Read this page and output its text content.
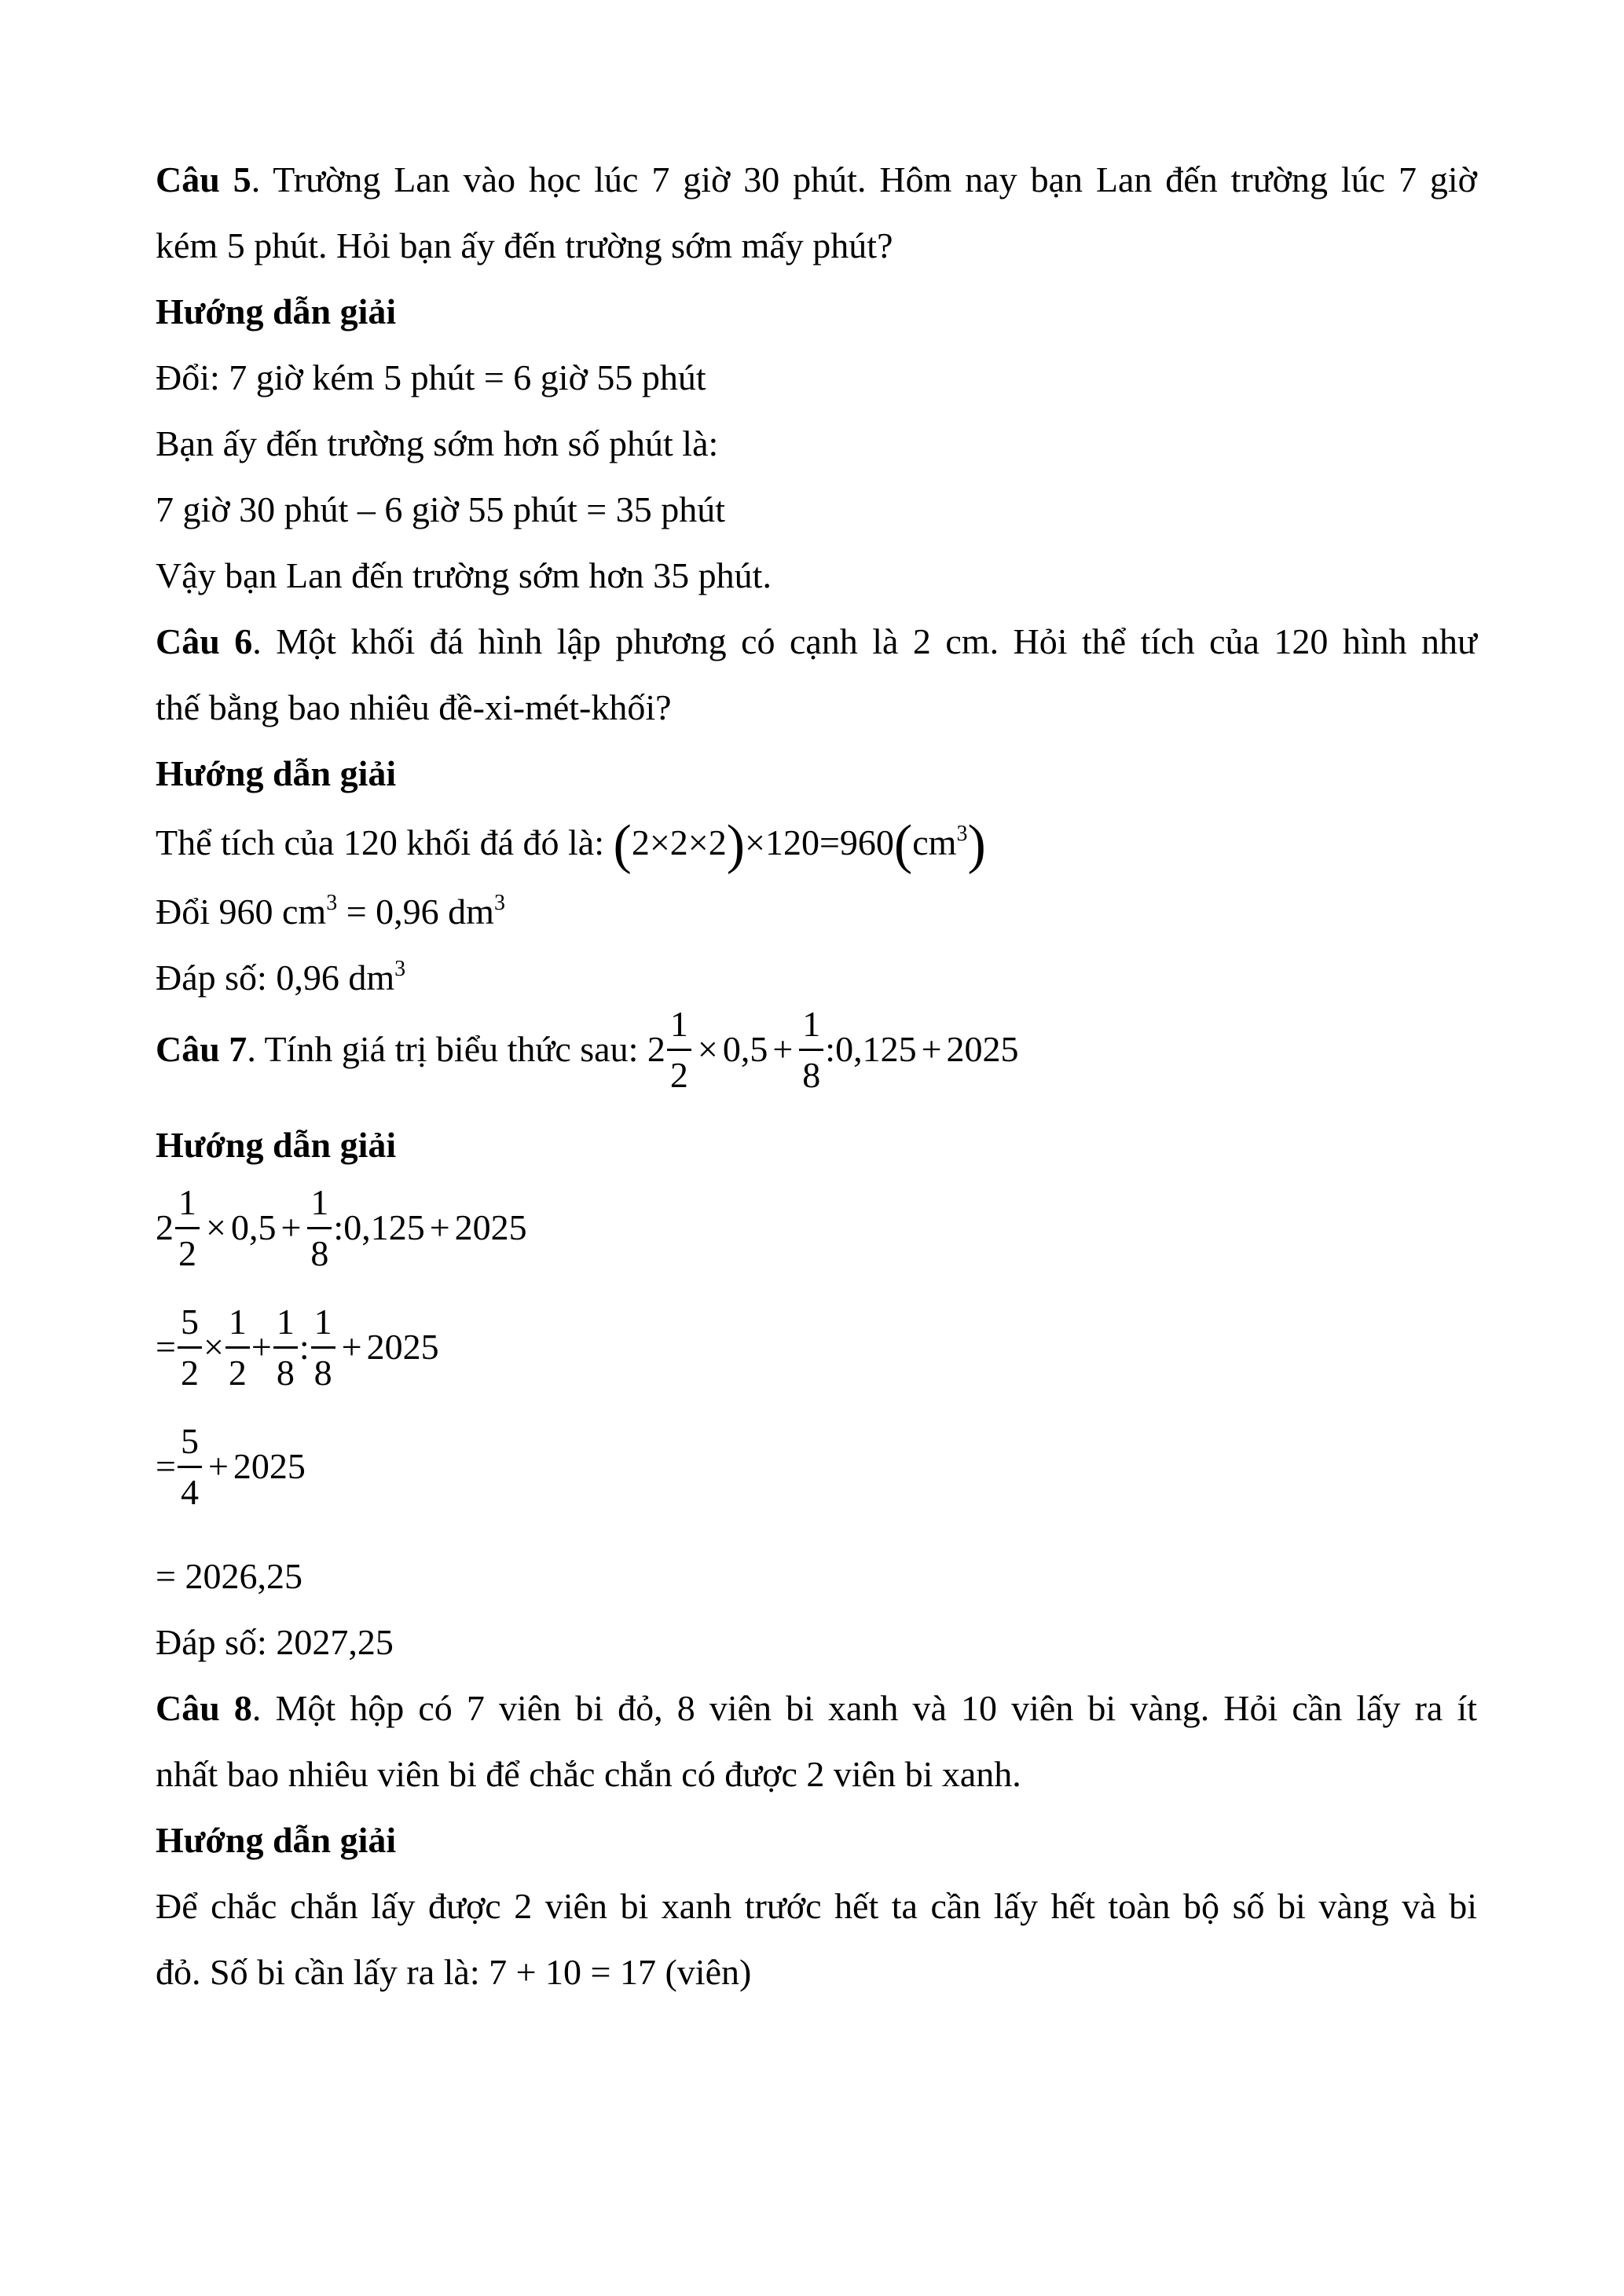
Câu 5. Trường Lan vào học lúc 7 giờ 30 phút. Hôm nay bạn Lan đến trường lúc 7 giờ
kém 5 phút. Hỏi bạn ấy đến trường sớm mấy phút?
Hướng dẫn giải
Đổi: 7 giờ kém 5 phút = 6 giờ 55 phút
Bạn ấy đến trường sớm hơn số phút là:
7 giờ 30 phút – 6 giờ 55 phút = 35 phút
Vậy bạn Lan đến trường sớm hơn 35 phút.
Câu 6. Một khối đá hình lập phương có cạnh là 2 cm. Hỏi thể tích của 120 hình như
thế bằng bao nhiêu đề-xi-mét-khối?
Hướng dẫn giải
Thể tích của 120 khối đá đó là: $(2\times 2\times 2)\times 120=960(cm^3)$
Đổi 960 $cm^3 = 0,96$ $dm^3$
Đáp số: 0,96 $dm^3$
Câu 7. Tính giá trị biểu thức sau: $2 \frac{1}{2} \times 0,5 + \frac{1}{8}$ :0,125 + 2025
Hướng dẫn giải
$2 \frac{1}{2} \times 0,5 + \frac{1}{8}$ :0,125 + 2025
= $\frac{5}{2} \times \frac{1}{2} + \frac{1}{8}$ : $\frac{1}{8} + 2025$
= $\frac{5}{4} + 2025$
= 2026,25
Đáp số: 2027,25
Câu 8. Một hộp có 7 viên bi đỏ, 8 viên bi xanh và 10 viên bi vàng. Hỏi cần lấy ra ít
nhất bao nhiêu viên bi để chắc chắn có được 2 viên bi xanh.
Hướng dẫn giải
Để chắc chắn lấy được 2 viên bi xanh trước hết ta cần lấy hết toàn bộ số bi vàng và bi
đỏ. Số bi cần lấy ra là: 7 + 10 = 17 (viên)
